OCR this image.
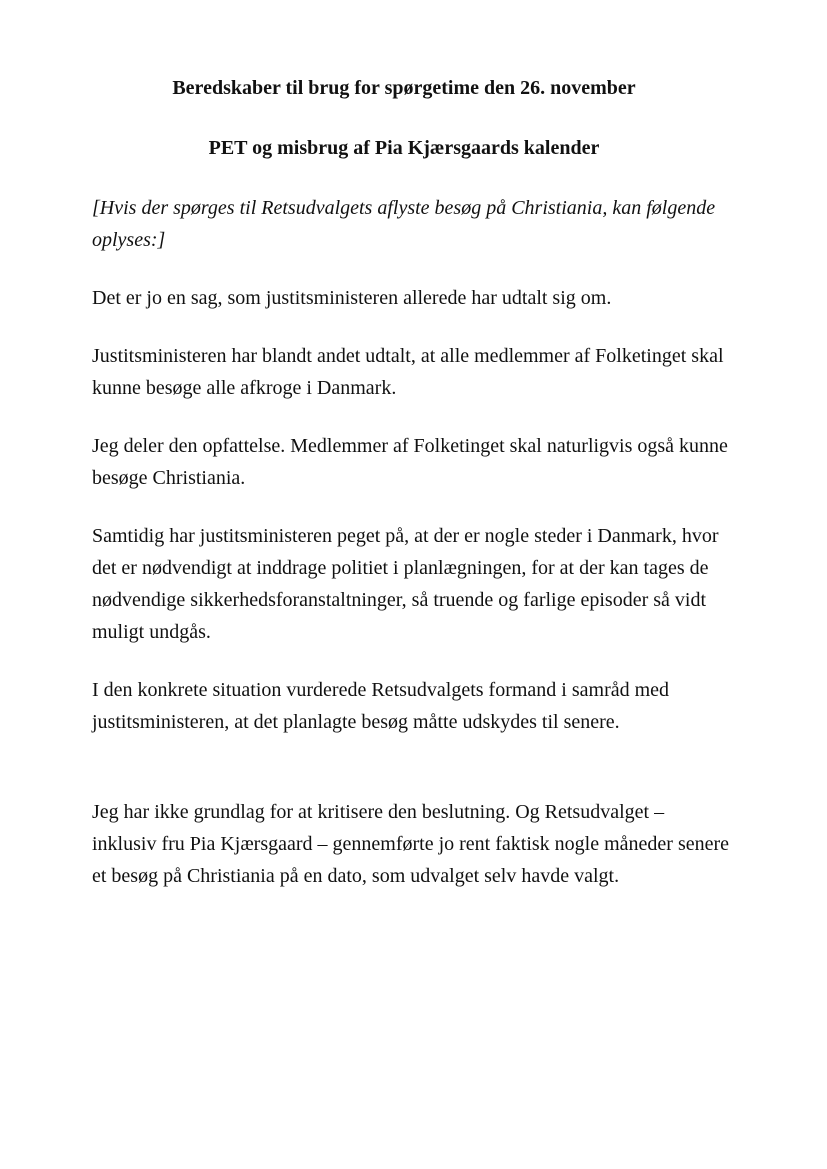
Beredskaber til brug for spørgetime den 26. november
PET og misbrug af Pia Kjærsgaards kalender

[Hvis der spørges til Retsudvalgets aflyste besøg på Christiania, kan følgende oplyses:]

Det er jo en sag, som justitsministeren allerede har udtalt sig om.

Justitsministeren har blandt andet udtalt, at alle medlemmer af Folketinget skal kunne besøge alle afkroge i Danmark.

Jeg deler den opfattelse. Medlemmer af Folketinget skal naturligvis også kunne besøge Christiania.

Samtidig har justitsministeren peget på, at der er nogle steder i Danmark, hvor det er nødvendigt at inddrage politiet i planlægningen, for at der kan tages de nødvendige sikkerhedsforanstaltninger, så truende og farlige episoder så vidt muligt undgås.

I den konkrete situation vurderede Retsudvalgets formand i samråd med justitsministeren, at det planlagte besøg måtte udskydes til senere.

Jeg har ikke grundlag for at kritisere den beslutning. Og Retsudvalget – inklusiv fru Pia Kjærsgaard – gennemførte jo rent faktisk nogle måneder senere et besøg på Christiania på en dato, som udvalget selv havde valgt.
